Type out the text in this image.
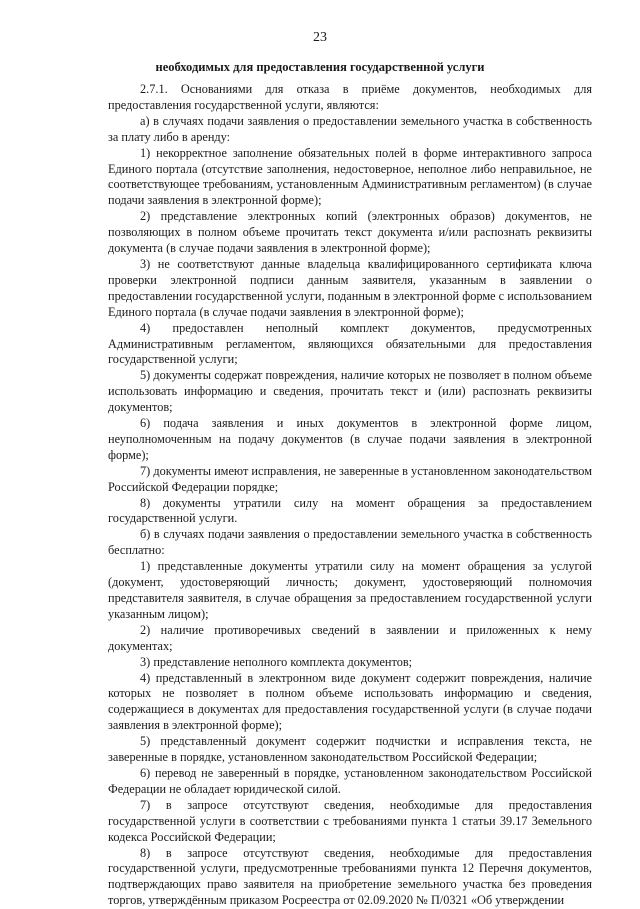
23
необходимых для предоставления государственной услуги

2.7.1. Основаниями для отказа в приёме документов, необходимых для предоставления государственной услуги, являются:

а) в случаях подачи заявления о предоставлении земельного участка в собственность за плату либо в аренду:

1) некорректное заполнение обязательных полей в форме интерактивного запроса Единого портала (отсутствие заполнения, недостоверное, неполное либо неправильное, не соответствующее требованиям, установленным Административным регламентом) (в случае подачи заявления в электронной форме);

2) представление электронных копий (электронных образов) документов, не позволяющих в полном объеме прочитать текст документа и/или распознать реквизиты документа (в случае подачи заявления в электронной форме);

3) не соответствуют данные владельца квалифицированного сертификата ключа проверки электронной подписи данным заявителя, указанным в заявлении о предоставлении государственной услуги, поданным в электронной форме с использованием Единого портала (в случае подачи заявления в электронной форме);

4) предоставлен неполный комплект документов, предусмотренных Административным регламентом, являющихся обязательными для предоставления государственной услуги;

5) документы содержат повреждения, наличие которых не позволяет в полном объеме использовать информацию и сведения, прочитать текст и (или) распознать реквизиты документов;

6) подача заявления и иных документов в электронной форме лицом, неуполномоченным на подачу документов (в случае подачи заявления в электронной форме);

7) документы имеют исправления, не заверенные в установленном законодательством Российской Федерации порядке;

8) документы утратили силу на момент обращения за предоставлением государственной услуги.

б) в случаях подачи заявления о предоставлении земельного участка в собственность бесплатно:

1) представленные документы утратили силу на момент обращения за услугой (документ, удостоверяющий личность; документ, удостоверяющий полномочия представителя заявителя, в случае обращения за предоставлением государственной услуги указанным лицом);

2) наличие противоречивых сведений в заявлении и приложенных к нему документах;

3) представление неполного комплекта документов;

4) представленный в электронном виде документ содержит повреждения, наличие которых не позволяет в полном объеме использовать информацию и сведения, содержащиеся в документах для предоставления государственной услуги (в случае подачи заявления в электронной форме);

5) представленный документ содержит подчистки и исправления текста, не заверенные в порядке, установленном законодательством Российской Федерации;

6) перевод не заверенный в порядке, установленном законодательством Российской Федерации не обладает юридической силой.

7) в запросе отсутствуют сведения, необходимые для предоставления государственной услуги в соответствии с требованиями пункта 1 статьи 39.17 Земельного кодекса Российской Федерации;

8) в запросе отсутствуют сведения, необходимые для предоставления государственной услуги, предусмотренные требованиями пункта 12 Перечня документов, подтверждающих право заявителя на приобретение земельного участка без проведения торгов, утверждённым приказом Росреестра от 02.09.2020 № П/0321 «Об утверждении
